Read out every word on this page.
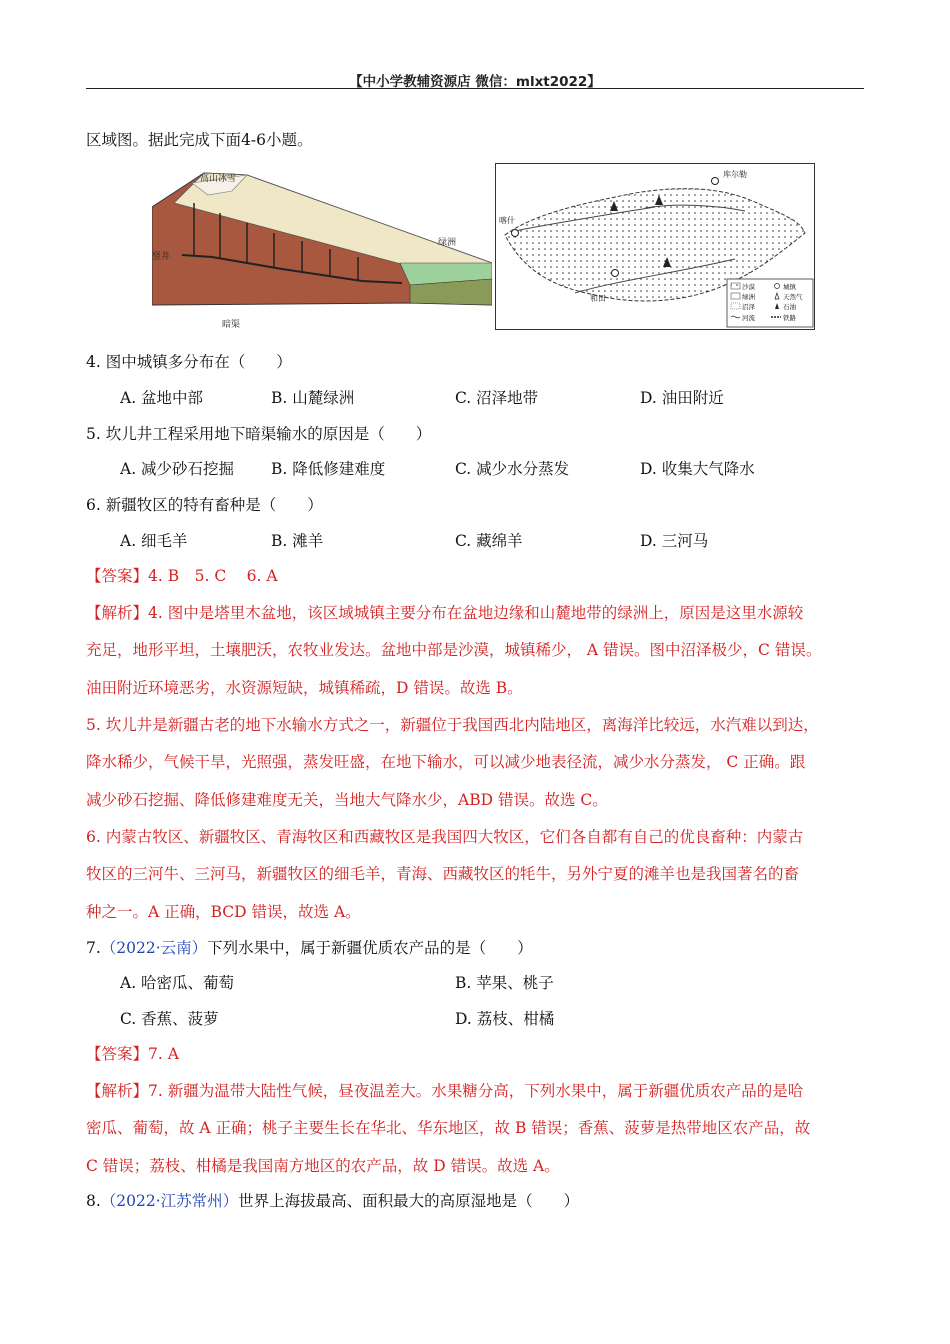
【中小学教辅资源店 微信：mlxt2022】
区域图。据此完成下面4-6小题。
高山冰雪
竖井
绿洲
暗渠
喀什
库尔勒
和田
沙漠
绿洲
沼泽
河流
城镇
天然气
石油
铁路
4. 图中城镇多分布在（　　）
A. 盆地中部	B. 山麓绿洲	C. 沼泽地带	D. 油田附近
5. 坎儿井工程采用地下暗渠输水的原因是（　　）
A. 减少砂石挖掘 B. 降低修建难度	C. 减少水分蒸发	D. 收集大气降水
6. 新疆牧区的特有畜种是（　　）
A. 细毛羊	B. 滩羊	C. 藏绵羊	D. 三河马
【答案】4. B　5. C　 6. A
【解析】4. 图中是塔里木盆地，该区域城镇主要分布在盆地边缘和山麓地带的绿洲上，原因是这里水源较
充足，地形平坦，土壤肥沃，农牧业发达。盆地中部是沙漠，城镇稀少， A 错误。图中沼泽极少，C 错误。
油田附近环境恶劣，水资源短缺，城镇稀疏，D 错误。故选 B。
5. 坎儿井是新疆古老的地下水输水方式之一，新疆位于我国西北内陆地区，离海洋比较远，水汽难以到达，
降水稀少，气候干旱，光照强，蒸发旺盛，在地下输水，可以减少地表径流，减少水分蒸发， C 正确。跟
减少砂石挖掘、降低修建难度无关，当地大气降水少，ABD 错误。故选 C。
6. 内蒙古牧区、新疆牧区、青海牧区和西藏牧区是我国四大牧区，它们各自都有自己的优良畜种：内蒙古
牧区的三河牛、三河马，新疆牧区的细毛羊，青海、西藏牧区的牦牛，另外宁夏的滩羊也是我国著名的畜
种之一。A 正确，BCD 错误，故选 A。
7.（2022·云南）下列水果中，属于新疆优质农产品的是（　　）
A. 哈密瓜、葡萄	B. 苹果、桃子
C. 香蕉、菠萝	D. 荔枝、柑橘
【答案】7. A
【解析】7. 新疆为温带大陆性气候，昼夜温差大。水果糖分高，下列水果中，属于新疆优质农产品的是哈
密瓜、葡萄，故 A 正确；桃子主要生长在华北、华东地区，故 B 错误；香蕉、菠萝是热带地区农产品，故
C 错误；荔枝、柑橘是我国南方地区的农产品，故 D 错误。故选 A。
8.（2022·江苏常州）世界上海拔最高、面积最大的高原湿地是（　　）
